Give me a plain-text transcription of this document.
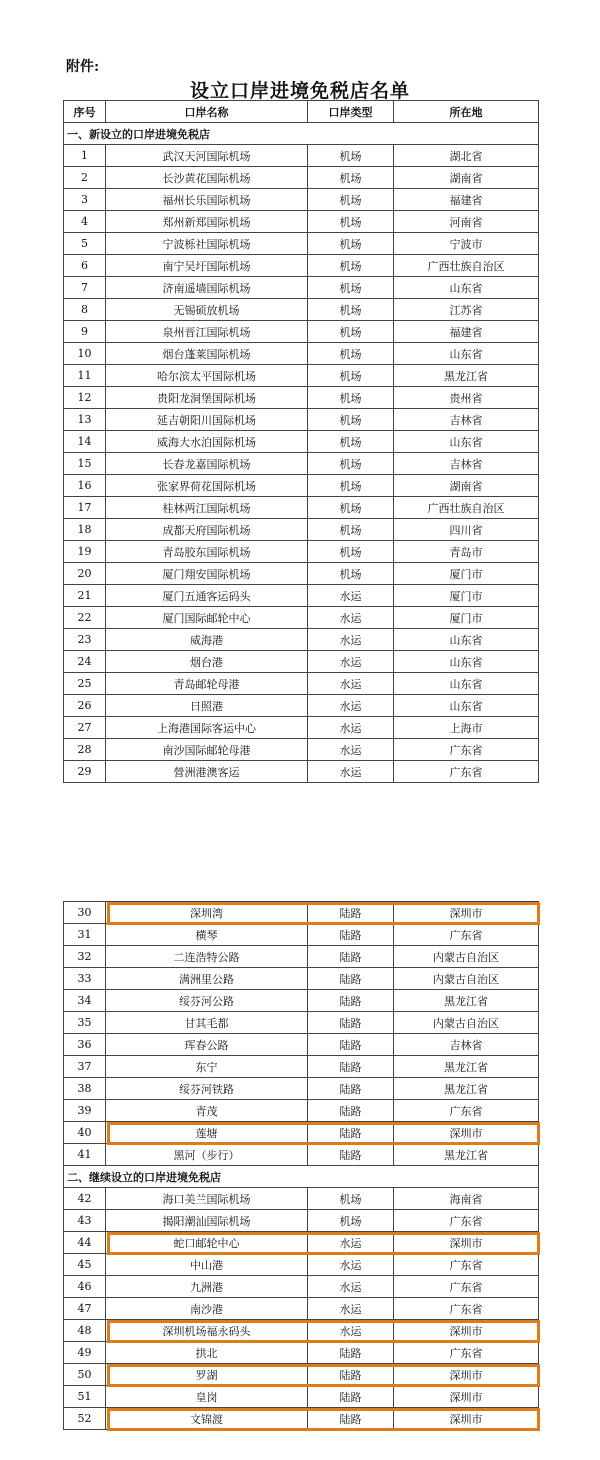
附件:
设立口岸进境免税店名单
序号	口岸名称	口岸类型	所在地
一、新设立的口岸进境免税店			
1	武汉天河国际机场	机场	湖北省
2	长沙黄花国际机场	机场	湖南省
3	福州长乐国际机场	机场	福建省
4	郑州新郑国际机场	机场	河南省
5	宁波栎社国际机场	机场	宁波市
6	南宁吴圩国际机场	机场	广西壮族自治区
7	济南遥墙国际机场	机场	山东省
8	无锡硕放机场	机场	江苏省
9	泉州晋江国际机场	机场	福建省
10	烟台蓬莱国际机场	机场	山东省
11	哈尔滨太平国际机场	机场	黑龙江省
12	贵阳龙洞堡国际机场	机场	贵州省
13	延吉朝阳川国际机场	机场	吉林省
14	威海大水泊国际机场	机场	山东省
15	长春龙嘉国际机场	机场	吉林省
16	张家界荷花国际机场	机场	湖南省
17	桂林两江国际机场	机场	广西壮族自治区
18	成都天府国际机场	机场	四川省
19	青岛胶东国际机场	机场	青岛市
20	厦门翔安国际机场	机场	厦门市
21	厦门五通客运码头	水运	厦门市
22	厦门国际邮轮中心	水运	厦门市
23	威海港	水运	山东省
24	烟台港	水运	山东省
25	青岛邮轮母港	水运	山东省
26	日照港	水运	山东省
27	上海港国际客运中心	水运	上海市
28	南沙国际邮轮母港	水运	广东省
29	營洲港澳客运	水运	广东省
30	深圳湾	陆路	深圳市
31	横琴	陆路	广东省
32	二连浩特公路	陆路	内蒙古自治区
33	满洲里公路	陆路	内蒙古自治区
34	绥芬河公路	陆路	黑龙江省
35	甘其毛都	陆路	内蒙古自治区
36	珲春公路	陆路	吉林省
37	东宁	陆路	黑龙江省
38	绥芬河铁路	陆路	黑龙江省
39	青茂	陆路	广东省
40	莲塘	陆路	深圳市
41	黑河（步行）	陆路	黑龙江省
二、继续设立的口岸进境免税店			
42	海口美兰国际机场	机场	海南省
43	揭阳潮汕国际机场	机场	广东省
44	蛇口邮轮中心	水运	深圳市
45	中山港	水运	广东省
46	九洲港	水运	广东省
47	南沙港	水运	广东省
48	深圳机场福永码头	水运	深圳市
49	拱北	陆路	广东省
50	罗湖	陆路	深圳市
51	皇岗	陆路	深圳市
52	文锦渡	陆路	深圳市
